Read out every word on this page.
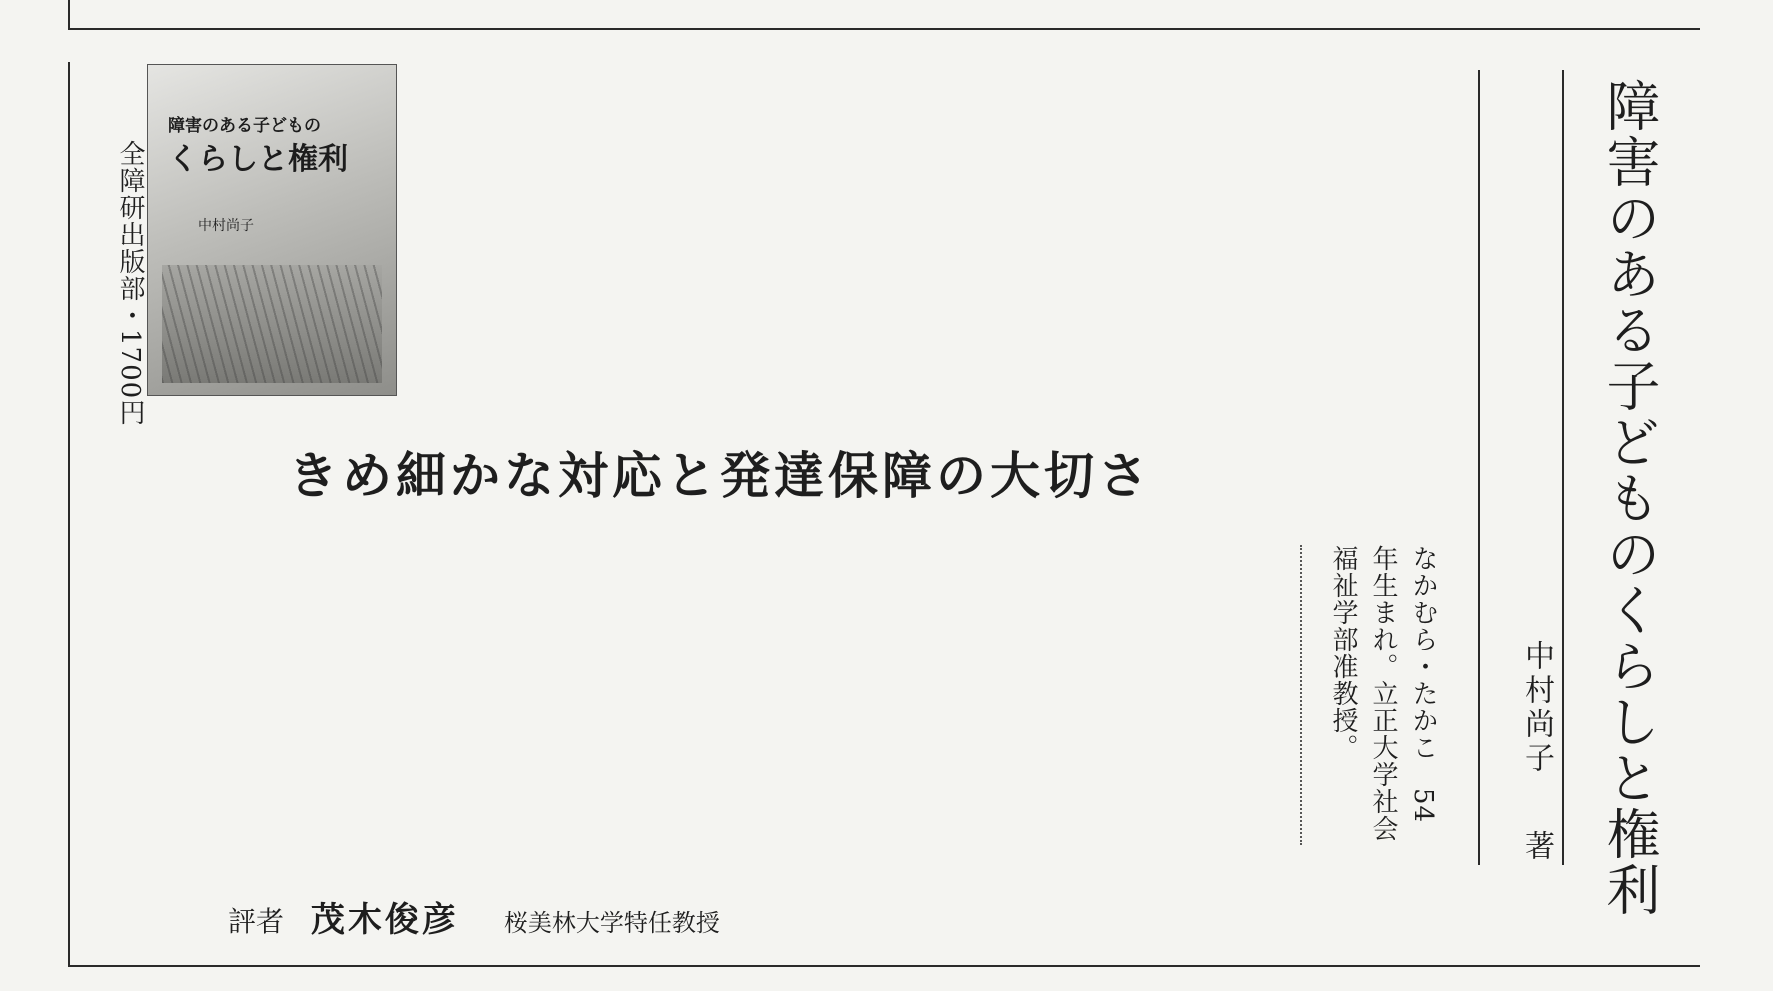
障害のある子どものくらしと権利
中村尚子 著
なかむら・たかこ　54年生まれ。立正大学社会福祉学部准教授。
きめ細かな対応と発達保障の大切さ
障害のある子どもの
くらしと権利
中村尚子
全障研出版部・1700円
評者 茂木俊彦 桜美林大学特任教授
